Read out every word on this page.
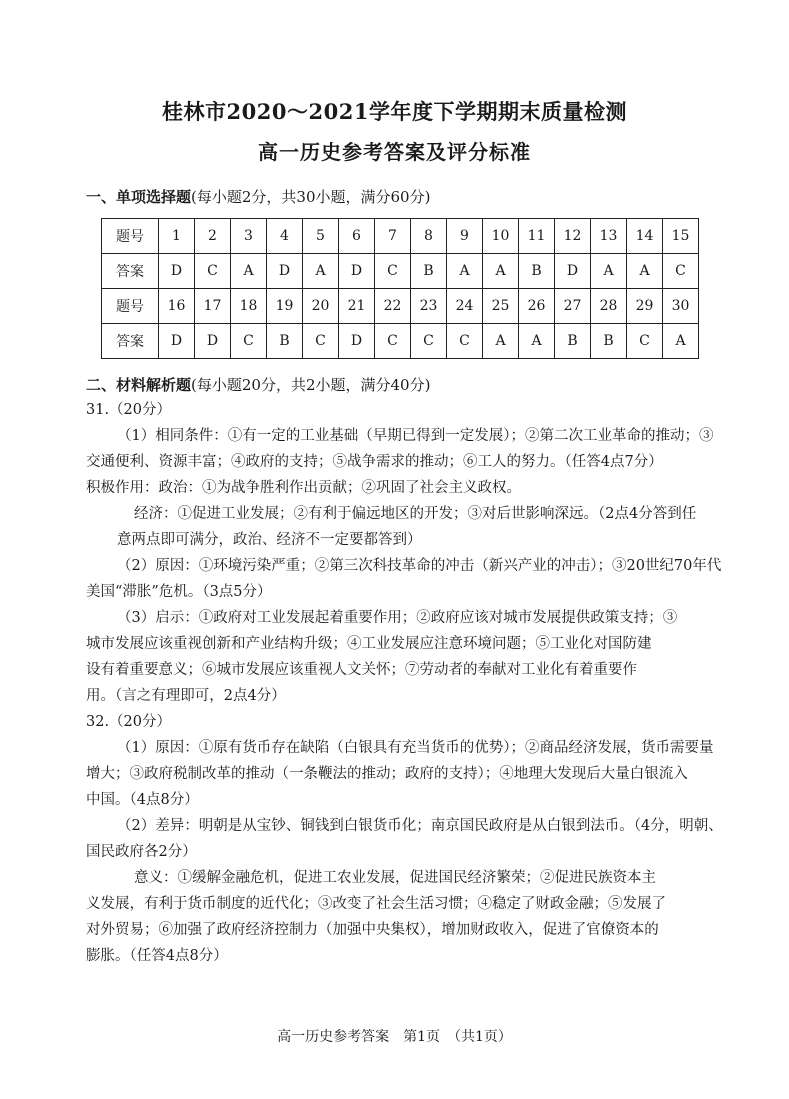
桂林市2020～2021学年度下学期期末质量检测
高一历史参考答案及评分标准
一、单项选择题(每小题2分，共30小题，满分60分)
题号	1	2	3	4	5	6	7	8	9	10	11	12	13	14	15
答案	D	C	A	D	A	D	C	B	A	A	B	D	A	A	C
题号	16	17	18	19	20	21	22	23	24	25	26	27	28	29	30
答案	D	D	C	B	C	D	C	C	C	A	A	B	B	C	A
二、材料解析题(每小题20分，共2小题，满分40分)
31.（20分）
（1）相同条件：①有一定的工业基础（早期已得到一定发展）；②第二次工业革命的推动；③
交通便利、资源丰富；④政府的支持；⑤战争需求的推动；⑥工人的努力。（任答4点7分）
积极作用：政治：①为战争胜利作出贡献；②巩固了社会主义政权。
经济：①促进工业发展；②有利于偏远地区的开发；③对后世影响深远。（2点4分答到任
意两点即可满分，政治、经济不一定要都答到）
（2）原因：①环境污染严重；②第三次科技革命的冲击（新兴产业的冲击）；③20世纪70年代
美国“滞胀”危机。（3点5分）
（3）启示：①政府对工业发展起着重要作用；②政府应该对城市发展提供政策支持；③
城市发展应该重视创新和产业结构升级；④工业发展应注意环境问题；⑤工业化对国防建
设有着重要意义；⑥城市发展应该重视人文关怀；⑦劳动者的奉献对工业化有着重要作
用。（言之有理即可，2点4分）
32.（20分）
（1）原因：①原有货币存在缺陷（白银具有充当货币的优势）；②商品经济发展，货币需要量
增大；③政府税制改革的推动（一条鞭法的推动；政府的支持）；④地理大发现后大量白银流入
中国。（4点8分）
（2）差异：明朝是从宝钞、铜钱到白银货币化；南京国民政府是从白银到法币。（4分，明朝、
国民政府各2分）
意义：①缓解金融危机，促进工农业发展，促进国民经济繁荣；②促进民族资本主
义发展，有利于货币制度的近代化；③改变了社会生活习惯；④稳定了财政金融；⑤发展了
对外贸易；⑥加强了政府经济控制力（加强中央集权），增加财政收入，促进了官僚资本的
膨胀。（任答4点8分）
高一历史参考答案　第1页　（共1页）
